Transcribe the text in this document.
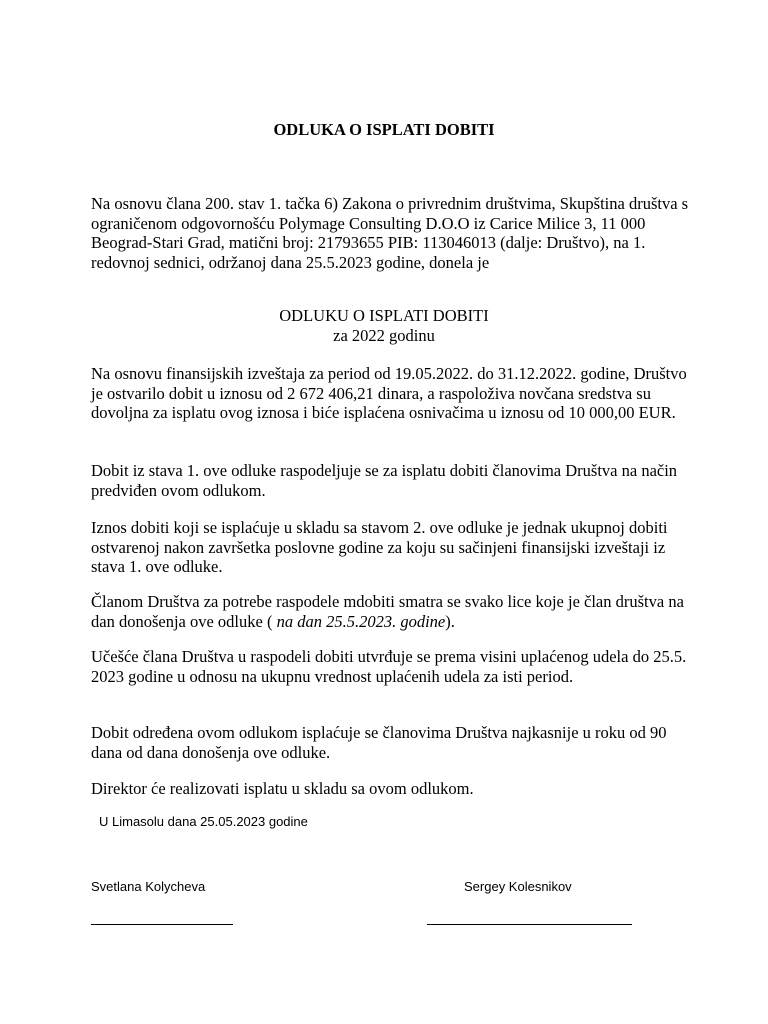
ODLUKA O ISPLATI DOBITI

Na osnovu člana 200. stav 1. tačka 6) Zakona o privrednim društvima, Skupština društva s ograničenom odgovornošću Polymage Consulting D.O.O iz Carice Milice 3, 11 000 Beograd-Stari Grad, matični broj: 21793655 PIB: 113046013 (dalje: Društvo), na 1. redovnoj sednici, održanoj dana 25.5.2023 godine, donela je

ODLUKU O ISPLATI DOBITI
za 2022 godinu

Na osnovu finansijskih izveštaja za period od 19.05.2022. do 31.12.2022. godine, Društvo je ostvarilo dobit u iznosu od 2 672 406,21 dinara, a raspoloživa novčana sredstva su dovoljna za isplatu ovog iznosa i biće isplaćena osnivačima u iznosu od 10 000,00 EUR.

Dobit iz stava 1. ove odluke raspodeljuje se za isplatu dobiti članovima Društva na način predviđen ovom odlukom.

Iznos dobiti koji se isplaćuje u skladu sa stavom 2. ove odluke je jednak ukupnoj dobiti ostvarenoj nakon završetka poslovne godine za koju su sačinjeni finansijski izveštaji iz stava 1. ove odluke.

Članom Društva za potrebe raspodele mdobiti smatra se svako lice koje je član društva na dan donošenja ove odluke ( na dan 25.5.2023. godine).

Učešće člana Društva u raspodeli dobiti utvrđuje se prema visini uplaćenog udela do 25.5. 2023 godine u odnosu na ukupnu vrednost uplaćenih udela za isti period.

Dobit određena ovom odlukom isplaćuje se članovima Društva najkasnije u roku od 90 dana od dana donošenja ove odluke.

Direktor će realizovati isplatu u skladu sa ovom odlukom.

U Limasolu dana 25.05.2023 godine
Svetlana Kolycheva	Sergey Kolesnikov
